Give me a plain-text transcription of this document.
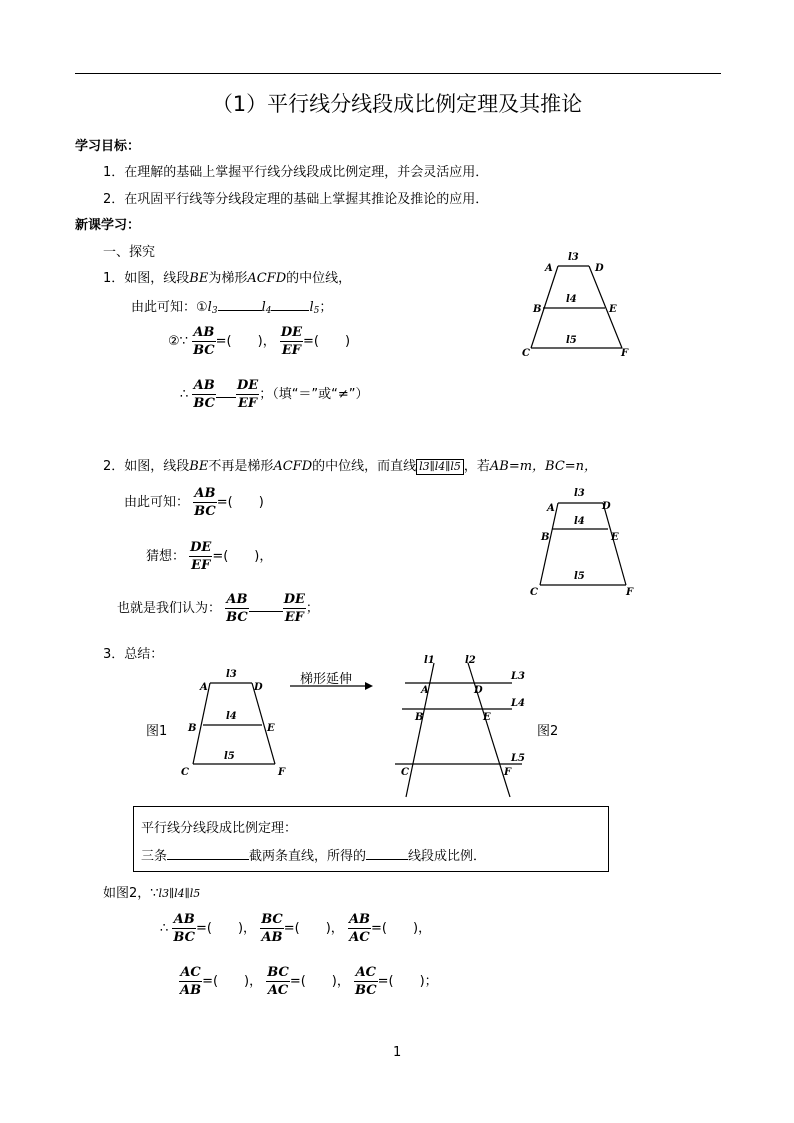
（1）平行线分线段成比例定理及其推论
学习目标：
1．在理解的基础上掌握平行线分线段成比例定理，并会灵活应用．
2．在巩固平行线等分线段定理的基础上掌握其推论及推论的应用．
新课学习：
一、探究
1．如图，线段BE为梯形ACFD的中位线，
由此可知：$①l_3$	$l_4$	$l_5$；
②∵ $\frac{AB}{BC}$ =(　　)， $\frac{DE}{EF}$ =(　　)
∴ $\frac{AB}{BC} \frac{DE}{EF}$ ；（填“＝”或“≠”）
2．如图，线段BE不再是梯形ACFD的中位线，而直线 l3∥l4∥l5 ，若AB=m，BC=n，
由此可知： $\frac{AB}{BC}$ =(　　)
猜想： $\frac{DE}{EF}$ =(　　)，
也就是我们认为： $\frac{AB}{BC}$	$\frac{DE}{EF}$ ；
3．总结：
图1	图2
梯形延伸
平行线分线段成比例定理：
三条	截两条直线，所得的	线段成比例．
如图2，∵l3∥l4∥l5
∴ $\frac{AB}{BC}$ =(　　)， $\frac{BC}{AB}$ =(　　)， $\frac{AB}{AC}$ =(　　)，
$\frac{AC}{AB}$ =(　　)， $\frac{BC}{AC}$ =(　　)， $\frac{AC}{BC}$ =(　　)；
1
A	D
B	E
C	F
l3
l4
l5
A	D
B	E
C	F
l3
l4
l5
A	D
B	E
C	F
l3
l4
l5
A	D
B	E
C	F
l1	l2
L3
L4
L5
